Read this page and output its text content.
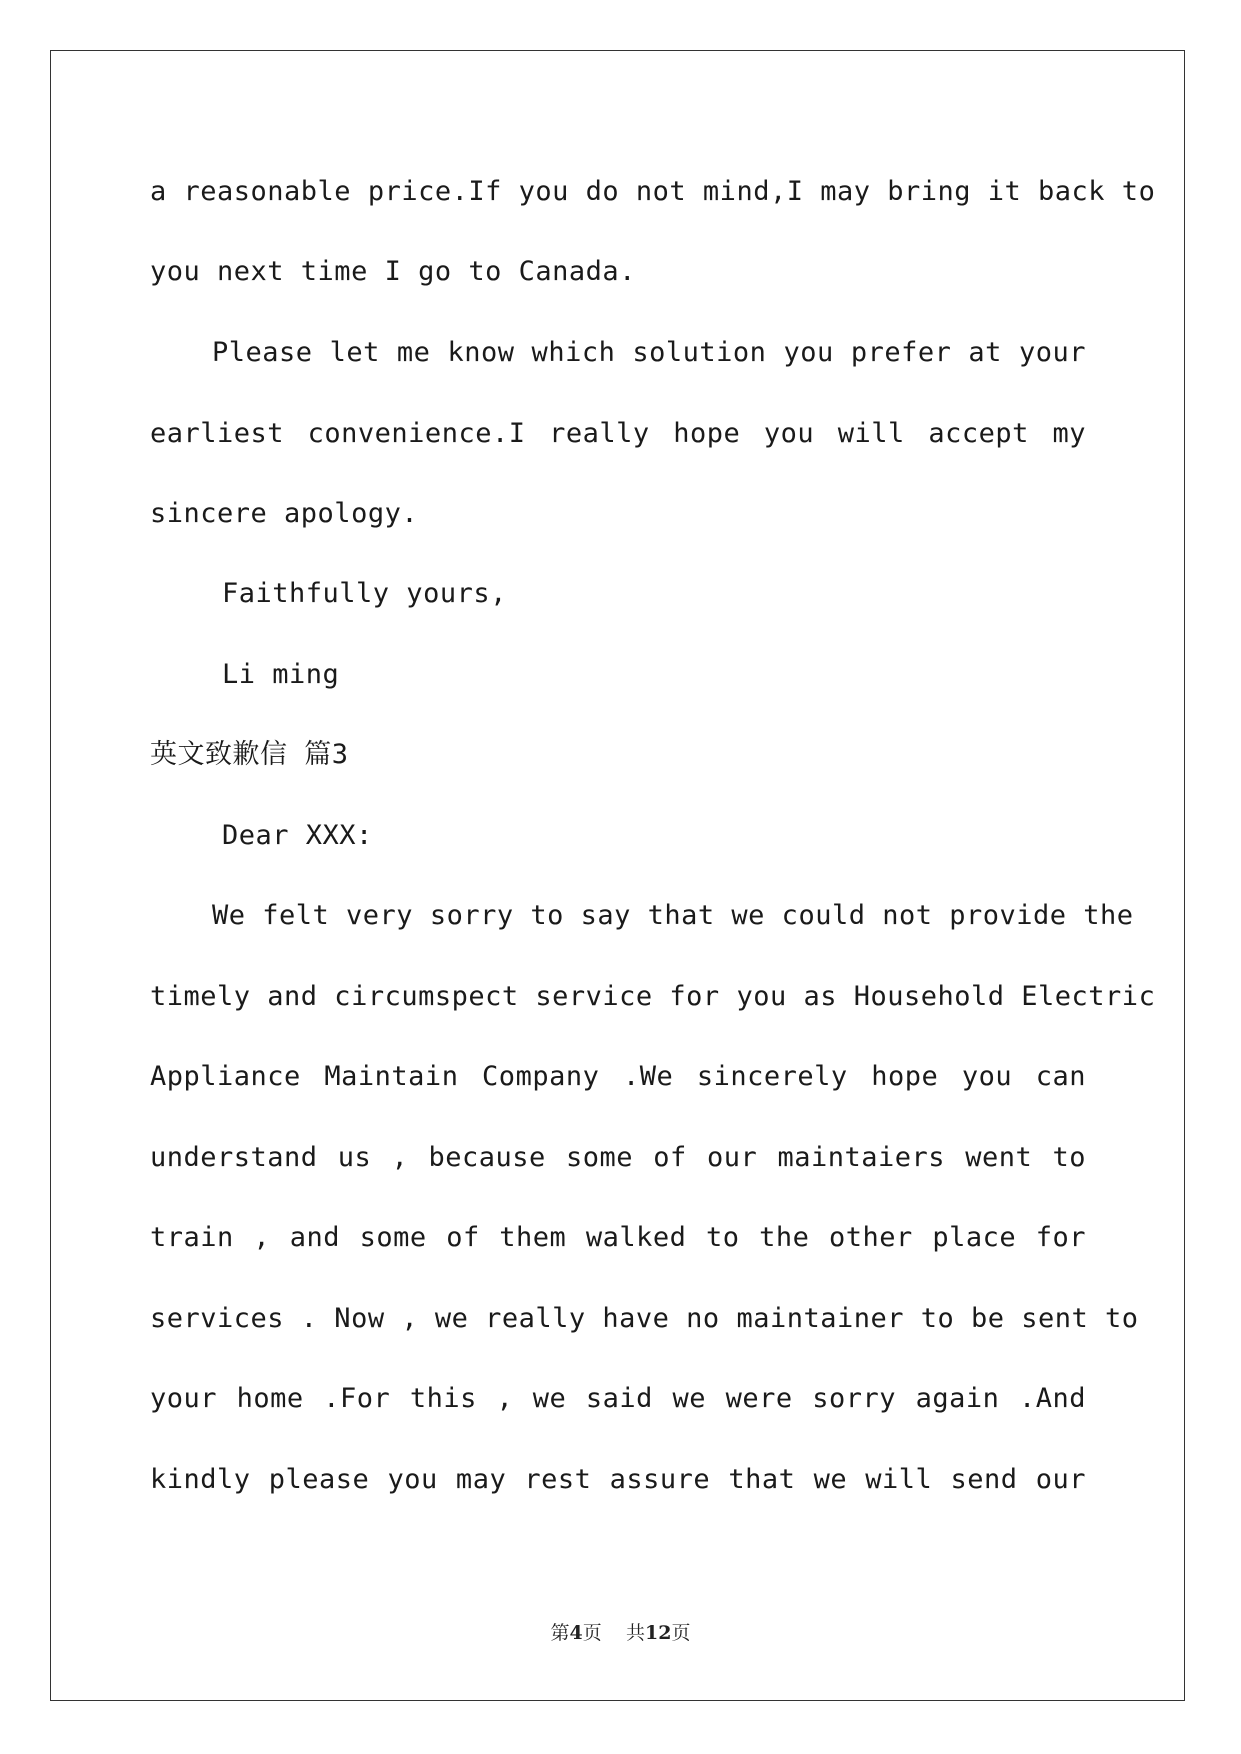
a reasonable price.If you do not mind,I may bring it back to
you next time I go to Canada.
Please let me know which solution you prefer at your
earliest convenience.I really hope you will accept my
sincere apology.
Faithfully yours,
Li ming
英文致歉信 篇3
Dear XXX:
We felt very sorry to say that we could not provide the
timely and circumspect service for you as Household Electric
Appliance Maintain Company .We sincerely hope you can
understand us , because some of our maintaiers went to
train , and some of them walked to the other place for
services . Now , we really have no maintainer to be sent to
your home .For this , we said we were sorry again .And
kindly please you may rest assure that we will send our
第4页 共12页
